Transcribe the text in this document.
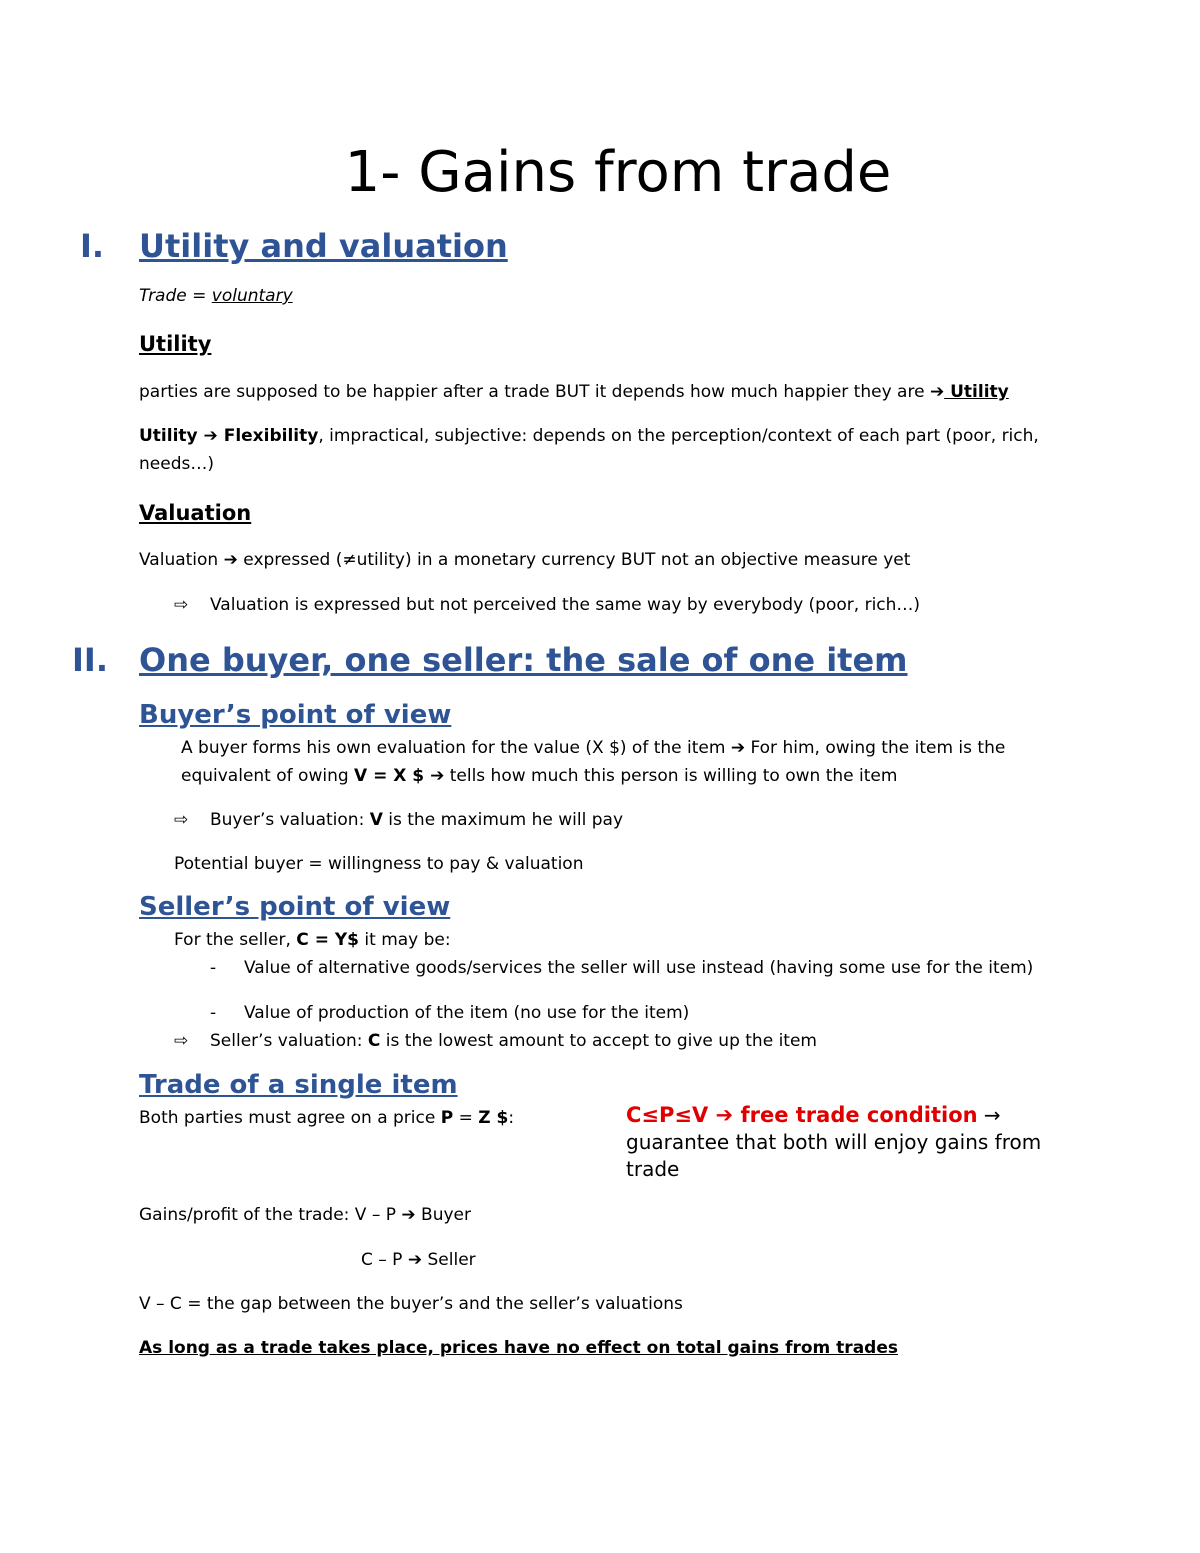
1- Gains from trade
I. Utility and valuation
Trade = voluntary
Utility
parties are supposed to be happier after a trade BUT it depends how much happier they are ➔ Utility
Utility ➔ Flexibility, impractical, subjective: depends on the perception/context of each part (poor, rich,
needs…)
Valuation
Valuation ➔ expressed (≠utility) in a monetary currency BUT not an objective measure yet
⇨ Valuation is expressed but not perceived the same way by everybody (poor, rich…)
II. One buyer, one seller: the sale of one item
Buyer’s point of view
A buyer forms his own evaluation for the value (X $) of the item ➔ For him, owing the item is the
equivalent of owing V = X $ ➔ tells how much this person is willing to own the item
⇨ Buyer’s valuation: V is the maximum he will pay
Potential buyer = willingness to pay & valuation
Seller’s point of view
For the seller, C = Y$ it may be:
- Value of alternative goods/services the seller will use instead (having some use for the item)
- Value of production of the item (no use for the item)
⇨ Seller’s valuation: C is the lowest amount to accept to give up the item
Trade of a single item
Both parties must agree on a price P = Z $:	C≤P≤V ➔ free trade condition →
guarantee that both will enjoy gains from trade
Gains/profit of the trade: V – P ➔ Buyer
C – P ➔ Seller
V – C = the gap between the buyer’s and the seller’s valuations
As long as a trade takes place, prices have no effect on total gains from trades
